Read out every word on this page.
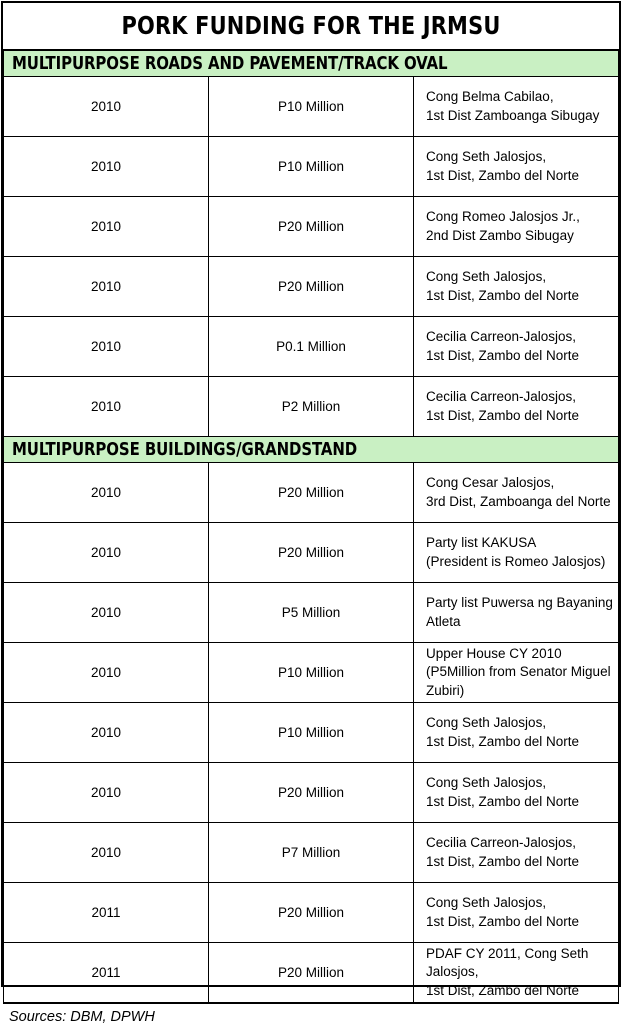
PORK FUNDING FOR THE JRMSU
MULTIPURPOSE ROADS AND PAVEMENT/TRACK OVAL		
2010	P10 Million	Cong Belma Cabilao,
1st Dist Zamboanga Sibugay

2010	P10 Million	Cong Seth Jalosjos,
1st Dist, Zambo del Norte

2010	P20 Million	Cong Romeo Jalosjos Jr.,
2nd Dist Zambo Sibugay

2010	P20 Million	Cong Seth Jalosjos,
1st Dist, Zambo del Norte

2010	P0.1 Million	Cecilia Carreon-Jalosjos,
1st Dist, Zambo del Norte

2010	P2 Million	Cecilia Carreon-Jalosjos,
1st Dist, Zambo del Norte

MULTIPURPOSE BUILDINGS/GRANDSTAND		
2010	P20 Million	Cong Cesar Jalosjos,
3rd Dist, Zamboanga del Norte

2010	P20 Million	Party list KAKUSA
(President is Romeo Jalosjos)

2010	P5 Million	Party list Puwersa ng Bayaning Atleta

2010	P10 Million	Upper House CY 2010
(P5Million from Senator Miguel Zubiri)

2010	P10 Million	Cong Seth Jalosjos,
1st Dist, Zambo del Norte

2010	P20 Million	Cong Seth Jalosjos,
1st Dist, Zambo del Norte

2010	P7 Million	Cecilia Carreon-Jalosjos,
1st Dist, Zambo del Norte

2011	P20 Million	Cong Seth Jalosjos,
1st Dist, Zambo del Norte

2011	P20 Million	PDAF CY 2011, Cong Seth Jalosjos,
1st Dist, Zambo del Norte
Sources: DBM, DPWH
